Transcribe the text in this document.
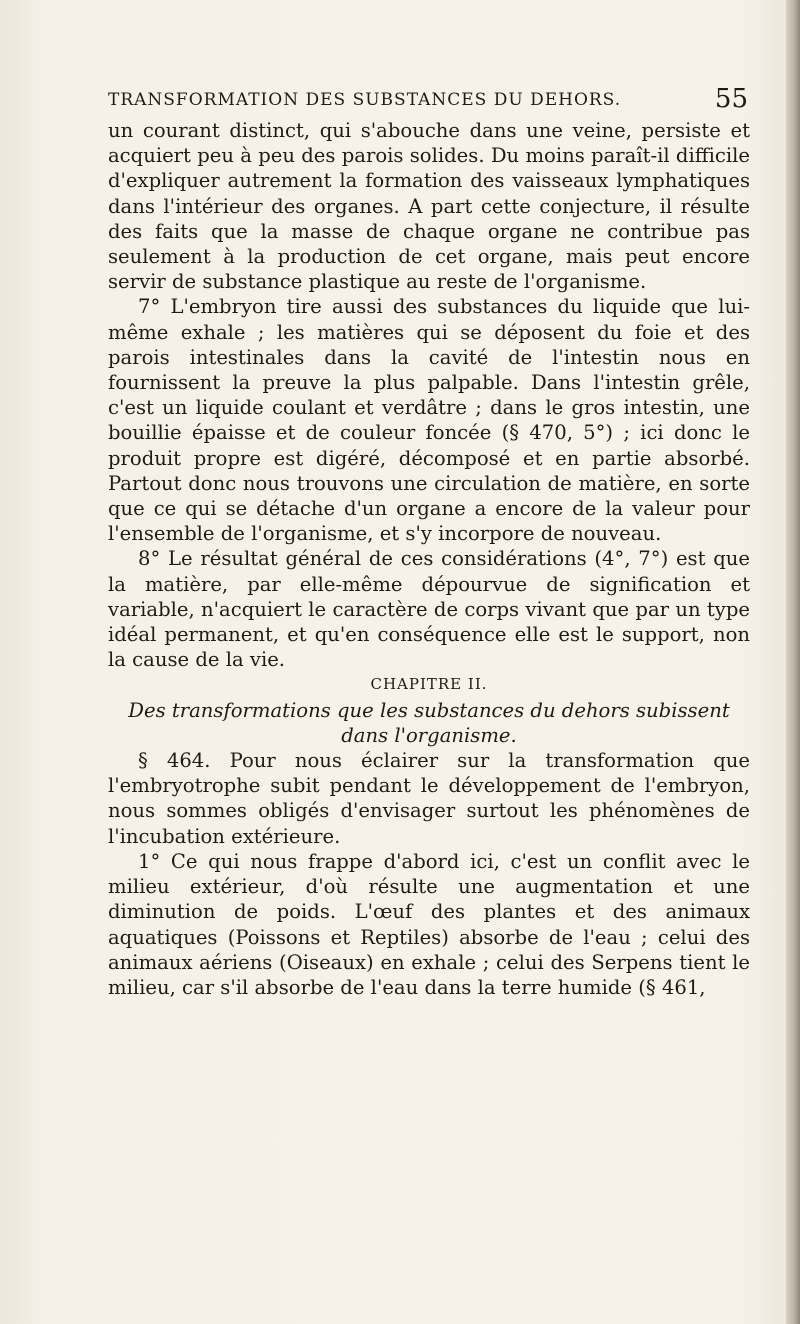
TRANSFORMATION DES SUBSTANCES DU DEHORS.	55

un courant distinct, qui s'abouche dans une veine, persiste et acquiert peu à peu des parois solides. Du moins paraît-il difficile d'expliquer autrement la formation des vaisseaux lymphatiques dans l'intérieur des organes. A part cette conjecture, il résulte des faits que la masse de chaque organe ne contribue pas seulement à la production de cet organe, mais peut encore servir de substance plastique au reste de l'organisme.

7° L'embryon tire aussi des substances du liquide que lui-même exhale ; les matières qui se déposent du foie et des parois intestinales dans la cavité de l'intestin nous en fournissent la preuve la plus palpable. Dans l'intestin grêle, c'est un liquide coulant et verdâtre ; dans le gros intestin, une bouillie épaisse et de couleur foncée (§ 470, 5°) ; ici donc le produit propre est digéré, décomposé et en partie absorbé. Partout donc nous trouvons une circulation de matière, en sorte que ce qui se détache d'un organe a encore de la valeur pour l'ensemble de l'organisme, et s'y incorpore de nouveau.

8° Le résultat général de ces considérations (4°, 7°) est que la matière, par elle-même dépourvue de signification et variable, n'acquiert le caractère de corps vivant que par un type idéal permanent, et qu'en conséquence elle est le support, non la cause de la vie.

CHAPITRE II.

Des transformations que les substances du dehors subissent dans l'organisme.

§ 464. Pour nous éclairer sur la transformation que l'embryotrophe subit pendant le développement de l'embryon, nous sommes obligés d'envisager surtout les phénomènes de l'incubation extérieure.

1° Ce qui nous frappe d'abord ici, c'est un conflit avec le milieu extérieur, d'où résulte une augmentation et une diminution de poids. L'œuf des plantes et des animaux aquatiques (Poissons et Reptiles) absorbe de l'eau ; celui des animaux aériens (Oiseaux) en exhale ; celui des Serpens tient le milieu, car s'il absorbe de l'eau dans la terre humide (§ 461,
